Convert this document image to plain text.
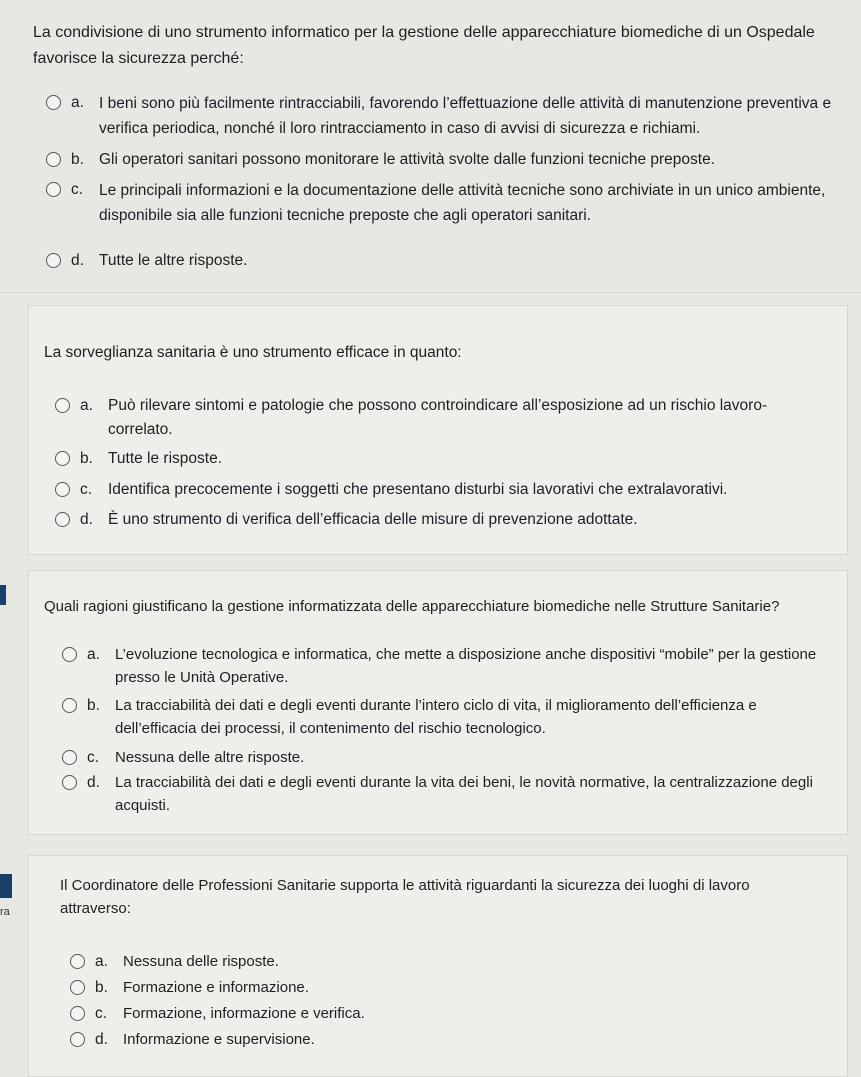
La condivisione di uno strumento informatico per la gestione delle apparecchiature biomediche di un Ospedale favorisce la sicurezza perché:
a. I beni sono più facilmente rintracciabili, favorendo l’effettuazione delle attività di manutenzione preventiva e verifica periodica, nonché il loro rintracciamento in caso di avvisi di sicurezza e richiami.
b. Gli operatori sanitari possono monitorare le attività svolte dalle funzioni tecniche preposte.
c.	Le principali informazioni e la documentazione delle attività tecniche sono archiviate in un unico ambiente, disponibile sia alle funzioni tecniche preposte che agli operatori sanitari.
d. Tutte le altre risposte.
La sorveglianza sanitaria è uno strumento efficace in quanto:
a. Può rilevare sintomi e patologie che possono controindicare all’esposizione ad un rischio lavoro-correlato.
b. Tutte le risposte.
c.	Identifica precocemente i soggetti che presentano disturbi sia lavorativi che extralavorativi.
d. È uno strumento di verifica dell’efficacia delle misure di prevenzione adottate.
Quali ragioni giustificano la gestione informatizzata delle apparecchiature biomediche nelle Strutture Sanitarie?
a.	L’evoluzione tecnologica e informatica, che mette a disposizione anche dispositivi “mobile” per la gestione presso le Unità Operative.
b.	La tracciabilità dei dati e degli eventi durante l’intero ciclo di vita, il miglioramento dell’efficienza e dell’efficacia dei processi, il contenimento del rischio tecnologico.
c.	Nessuna delle altre risposte.
d.	La tracciabilità dei dati e degli eventi durante la vita dei beni, le novità normative, la centralizzazione degli acquisti.
ra
Il Coordinatore delle Professioni Sanitarie supporta le attività riguardanti la sicurezza dei luoghi di lavoro attraverso:
a.	Nessuna delle risposte.
b.	Formazione e informazione.
c.	Formazione, informazione e verifica.
d.	Informazione e supervisione.
